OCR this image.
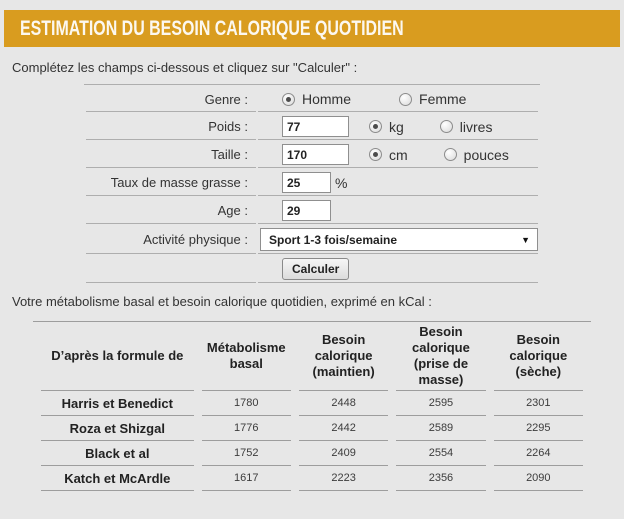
ESTIMATION DU BESOIN CALORIQUE QUOTIDIEN
Complétez les champs ci-dessous et cliquez sur "Calculer" :
Genre :	Homme Femme

Poids :	
77kg livres

Taille :	
170cm pouces

Taux de masse grasse :	
25%

Age :	
29

Activité physique :	Sport 1-3 fois/semaine ▼

	Calculer
Votre métabolisme basal et besoin calorique quotidien, exprimé en kCal :
D’après la formule de	Métabolisme basal	Besoin calorique (maintien)	Besoin calorique (prise de masse)	Besoin calorique (sèche)
Harris et Benedict	1780	2448	2595	2301
Roza et Shizgal	1776	2442	2589	2295
Black et al	1752	2409	2554	2264
Katch et McArdle	1617	2223	2356	2090
